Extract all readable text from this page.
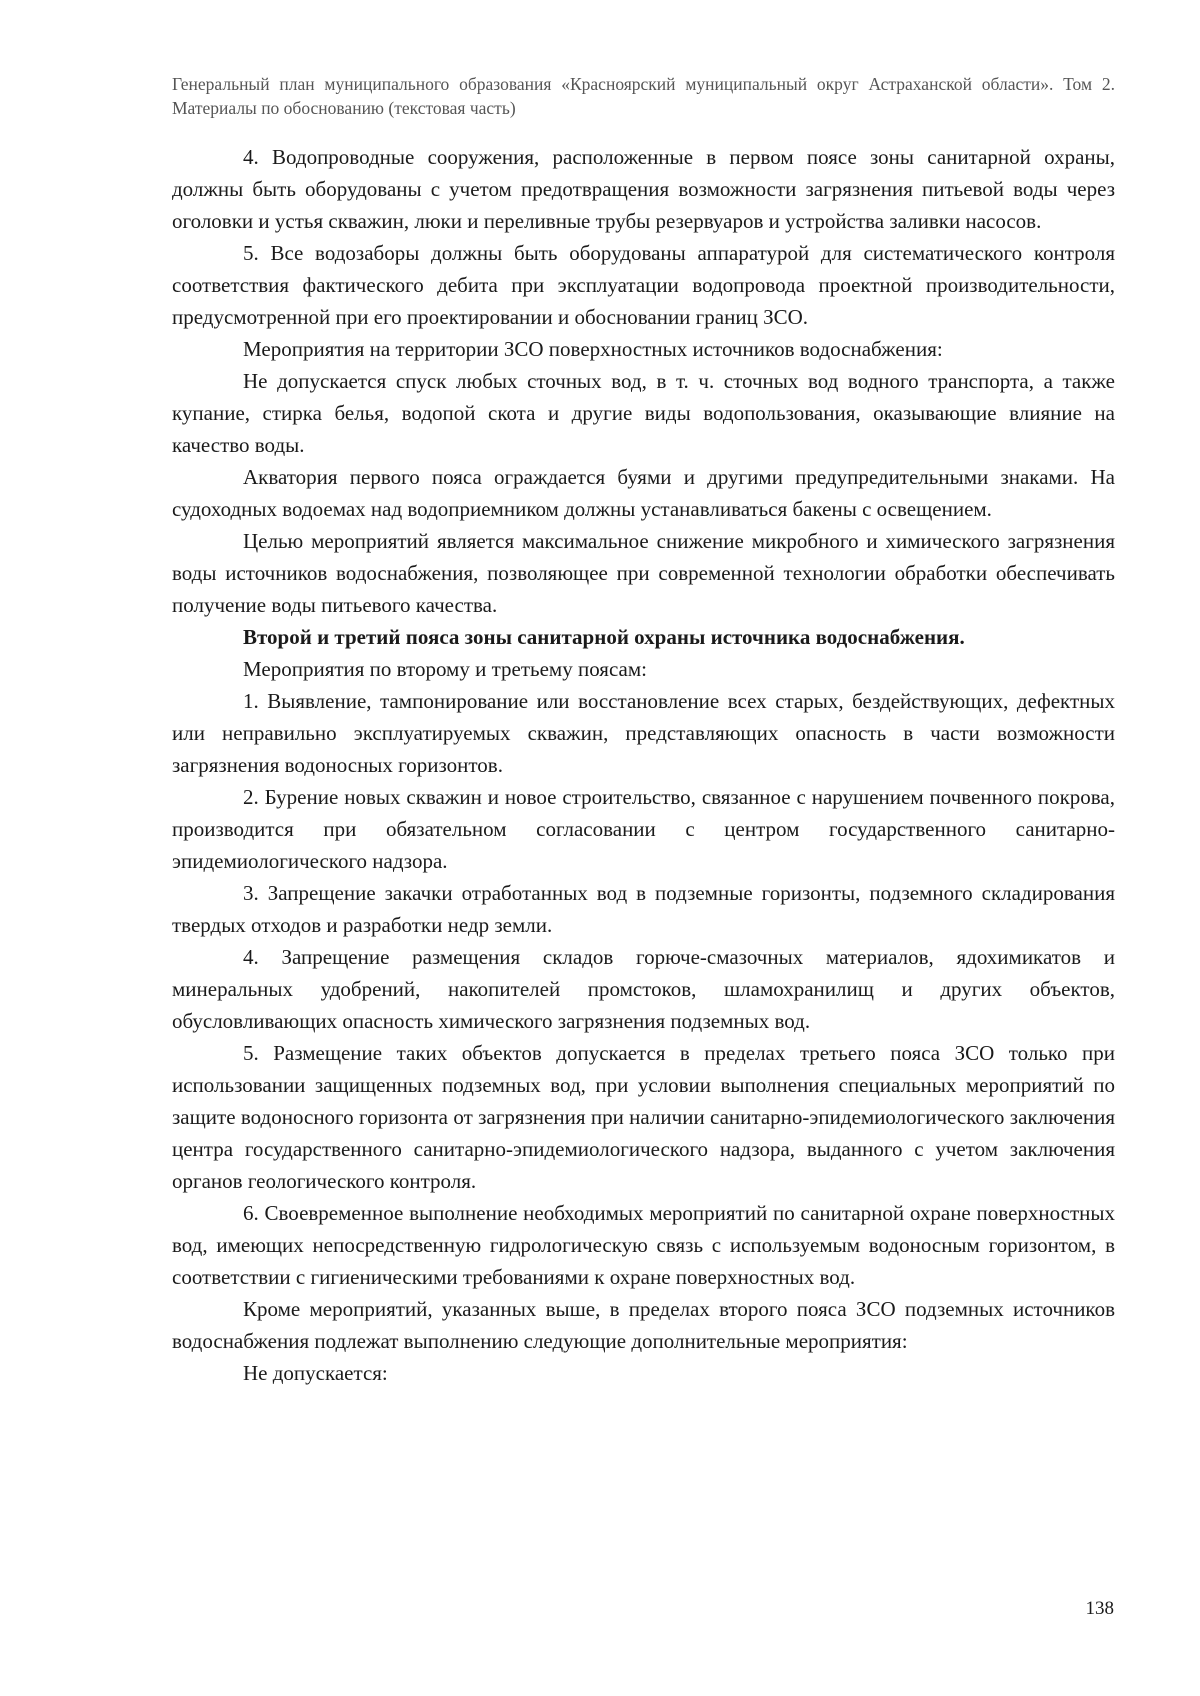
Генеральный план муниципального образования «Красноярский муниципальный округ Астраханской области». Том 2. Материалы по обоснованию (текстовая часть)

4. Водопроводные сооружения, расположенные в первом поясе зоны санитарной охраны, должны быть оборудованы с учетом предотвращения возможности загрязнения питьевой воды через оголовки и устья скважин, люки и переливные трубы резервуаров и устройства заливки насосов.

5. Все водозаборы должны быть оборудованы аппаратурой для систематического контроля соответствия фактического дебита при эксплуатации водопровода проектной производительности, предусмотренной при его проектировании и обосновании границ ЗСО.

Мероприятия на территории ЗСО поверхностных источников водоснабжения:

Не допускается спуск любых сточных вод, в т. ч. сточных вод водного транспорта, а также купание, стирка белья, водопой скота и другие виды водопользования, оказывающие влияние на качество воды.

Акватория первого пояса ограждается буями и другими предупредительными знаками. На судоходных водоемах над водоприемником должны устанавливаться бакены с освещением.

Целью мероприятий является максимальное снижение микробного и химического загрязнения воды источников водоснабжения, позволяющее при современной технологии обработки обеспечивать получение воды питьевого качества.

Второй и третий пояса зоны санитарной охраны источника водоснабжения.

Мероприятия по второму и третьему поясам:

1. Выявление, тампонирование или восстановление всех старых, бездействующих, дефектных или неправильно эксплуатируемых скважин, представляющих опасность в части возможности загрязнения водоносных горизонтов.

2. Бурение новых скважин и новое строительство, связанное с нарушением почвенного покрова, производится при обязательном согласовании с центром государственного санитарно-эпидемиологического надзора.

3. Запрещение закачки отработанных вод в подземные горизонты, подземного складирования твердых отходов и разработки недр земли.

4. Запрещение размещения складов горюче-смазочных материалов, ядохимикатов и минеральных удобрений, накопителей промстоков, шламохранилищ и других объектов, обусловливающих опасность химического загрязнения подземных вод.

5. Размещение таких объектов допускается в пределах третьего пояса ЗСО только при использовании защищенных подземных вод, при условии выполнения специальных мероприятий по защите водоносного горизонта от загрязнения при наличии санитарно-эпидемиологического заключения центра государственного санитарно-эпидемиологического надзора, выданного с учетом заключения органов геологического контроля.

6. Своевременное выполнение необходимых мероприятий по санитарной охране поверхностных вод, имеющих непосредственную гидрологическую связь с используемым водоносным горизонтом, в соответствии с гигиеническими требованиями к охране поверхностных вод.

Кроме мероприятий, указанных выше, в пределах второго пояса ЗСО подземных источников водоснабжения подлежат выполнению следующие дополнительные мероприятия:

Не допускается:

138
